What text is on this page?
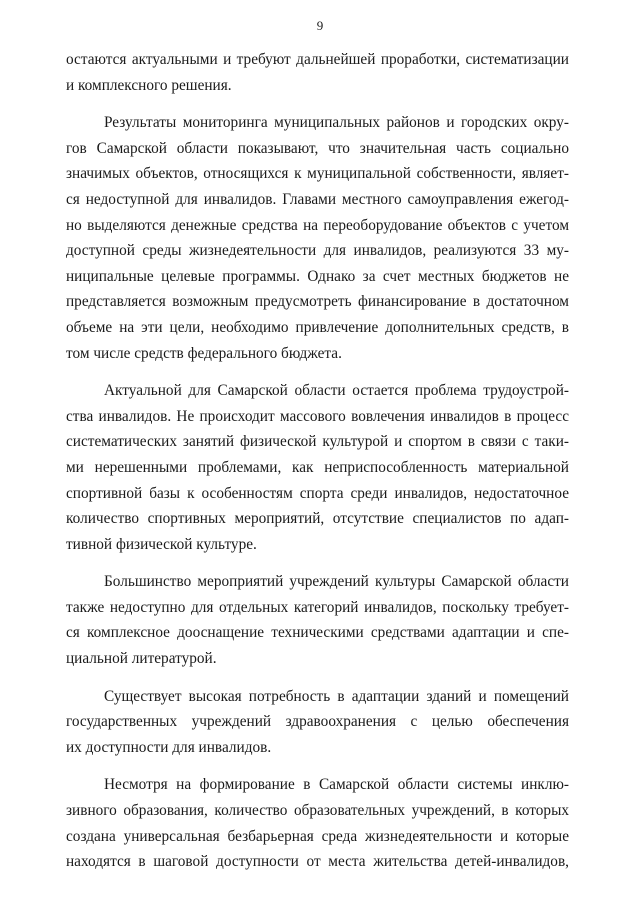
9
остаются актуальными и требуют дальнейшей проработки, систематизации
и комплексного решения.
Результаты мониторинга муниципальных районов и городских окру-
гов Самарской области показывают, что значительная часть социально
значимых объектов, относящихся к муниципальной собственности, являет-
ся недоступной для инвалидов. Главами местного самоуправления ежегод-
но выделяются денежные средства на переоборудование объектов с учетом
доступной среды жизнедеятельности для инвалидов, реализуются 33 му-
ниципальные целевые программы. Однако за счет местных бюджетов не
представляется возможным предусмотреть финансирование в достаточном
объеме на эти цели, необходимо привлечение дополнительных средств, в
том числе средств федерального бюджета.
Актуальной для Самарской области остается проблема трудоустрой-
ства инвалидов. Не происходит массового вовлечения инвалидов в процесс
систематических занятий физической культурой и спортом в связи с таки-
ми нерешенными проблемами, как неприспособленность материальной
спортивной базы к особенностям спорта среди инвалидов, недостаточное
количество спортивных мероприятий, отсутствие специалистов по адап-
тивной физической культуре.
Большинство мероприятий учреждений культуры Самарской области
также недоступно для отдельных категорий инвалидов, поскольку требует-
ся комплексное дооснащение техническими средствами адаптации и спе-
циальной литературой.
Существует высокая потребность в адаптации зданий и помещений
государственных учреждений здравоохранения с целью обеспечения
их доступности для инвалидов.
Несмотря на формирование в Самарской области системы инклю-
зивного образования, количество образовательных учреждений, в которых
создана универсальная безбарьерная среда жизнедеятельности и которые
находятся в шаговой доступности от места жительства детей-инвалидов,
